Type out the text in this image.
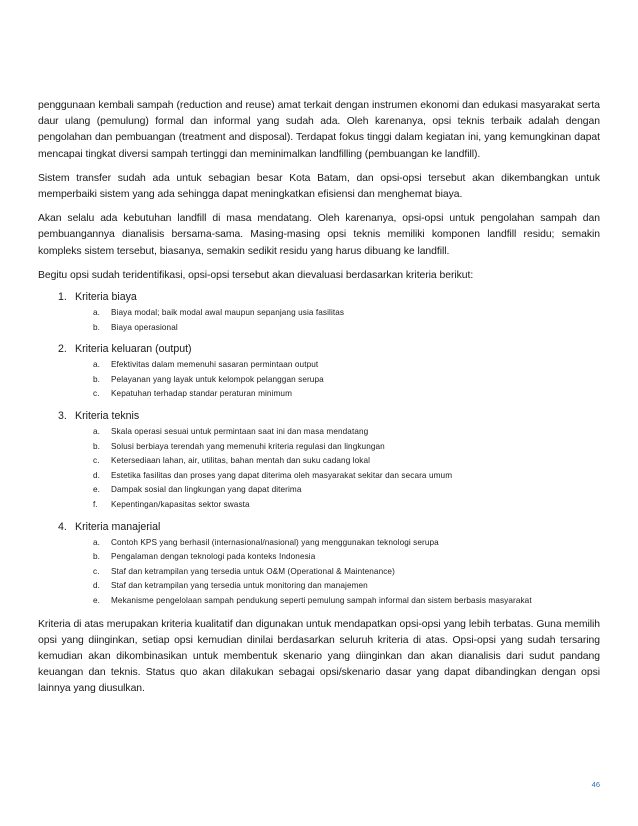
penggunaan kembali sampah (reduction and reuse) amat terkait dengan instrumen ekonomi dan edukasi masyarakat serta daur ulang (pemulung) formal dan informal yang sudah ada. Oleh karenanya, opsi teknis terbaik adalah dengan pengolahan dan pembuangan (treatment and disposal). Terdapat fokus tinggi dalam kegiatan ini, yang kemungkinan dapat mencapai tingkat diversi sampah tertinggi dan meminimalkan landfilling (pembuangan ke landfill).

Sistem transfer sudah ada untuk sebagian besar Kota Batam, dan opsi-opsi tersebut akan dikembangkan untuk memperbaiki sistem yang ada sehingga dapat meningkatkan efisiensi dan menghemat biaya.

Akan selalu ada kebutuhan landfill di masa mendatang. Oleh karenanya, opsi-opsi untuk pengolahan sampah dan pembuangannya dianalisis bersama-sama. Masing-masing opsi teknis memiliki komponen landfill residu; semakin kompleks sistem tersebut, biasanya, semakin sedikit residu yang harus dibuang ke landfill.

Begitu opsi sudah teridentifikasi, opsi-opsi tersebut akan dievaluasi berdasarkan kriteria berikut:

1. Kriteria biaya
a.	Biaya modal; baik modal awal maupun sepanjang usia fasilitas
b.	Biaya operasional
2. Kriteria keluaran (output)
a.	Efektivitas dalam memenuhi sasaran permintaan output
b.	Pelayanan yang layak untuk kelompok pelanggan serupa
c.	Kepatuhan terhadap standar peraturan minimum
3. Kriteria teknis
a.	Skala operasi sesuai untuk permintaan saat ini dan masa mendatang
b.	Solusi berbiaya terendah yang memenuhi kriteria regulasi dan lingkungan
c.	Ketersediaan lahan, air, utilitas, bahan mentah dan suku cadang lokal
d.	Estetika fasilitas dan proses yang dapat diterima oleh masyarakat sekitar dan secara umum
e.	Dampak sosial dan lingkungan yang dapat diterima
f.	Kepentingan/kapasitas sektor swasta
4. Kriteria manajerial
a.	Contoh KPS yang berhasil (internasional/nasional) yang menggunakan teknologi serupa
b.	Pengalaman dengan teknologi pada konteks Indonesia
c.	Staf dan ketrampilan yang tersedia untuk O&M (Operational & Maintenance)
d.	Staf dan ketrampilan yang tersedia untuk monitoring dan manajemen
e.	Mekanisme pengelolaan sampah pendukung seperti pemulung sampah informal dan sistem berbasis masyarakat

Kriteria di atas merupakan kriteria kualitatif dan digunakan untuk mendapatkan opsi-opsi yang lebih terbatas. Guna memilih opsi yang diinginkan, setiap opsi kemudian dinilai berdasarkan seluruh kriteria di atas. Opsi-opsi yang sudah tersaring kemudian akan dikombinasikan untuk membentuk skenario yang diinginkan dan akan dianalisis dari sudut pandang keuangan dan teknis. Status quo akan dilakukan sebagai opsi/skenario dasar yang dapat dibandingkan dengan opsi lainnya yang diusulkan.

46
